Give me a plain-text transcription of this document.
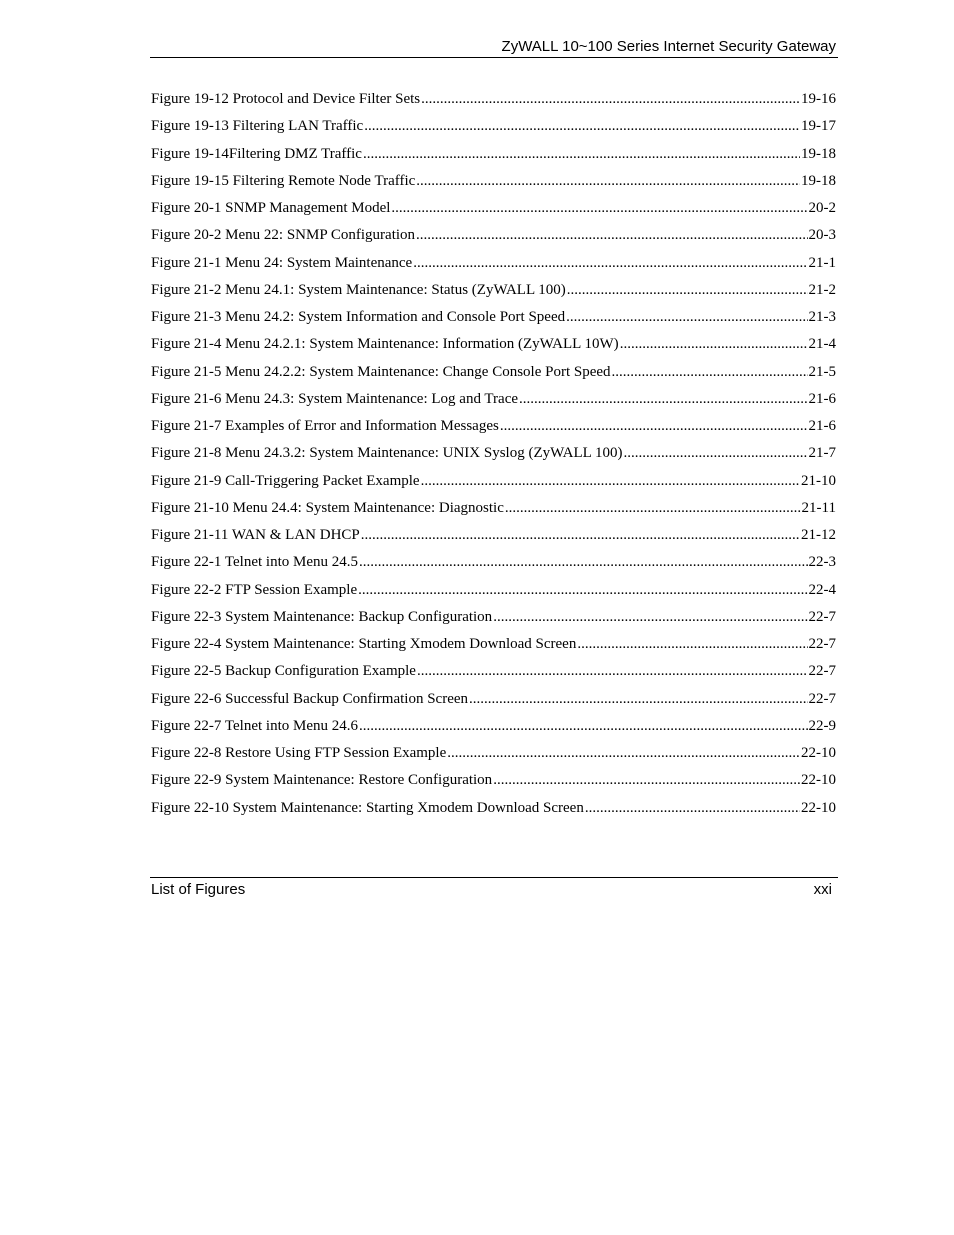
ZyWALL 10~100 Series Internet Security Gateway
Figure 19-12 Protocol and Device Filter Sets .....	19-16
Figure 19-13 Filtering LAN Traffic .....	19-17
Figure 19-14Filtering DMZ Traffic .....	19-18
Figure 19-15 Filtering Remote Node Traffic .....	19-18
Figure 20-1 SNMP Management Model .....	20-2
Figure 20-2 Menu 22: SNMP Configuration .....	20-3
Figure 21-1 Menu 24: System Maintenance .....	21-1
Figure 21-2 Menu 24.1: System Maintenance: Status (ZyWALL 100) .....	21-2
Figure 21-3 Menu 24.2: System Information and Console Port Speed .....	21-3
Figure 21-4 Menu 24.2.1: System Maintenance: Information (ZyWALL 10W) .....	21-4
Figure 21-5 Menu 24.2.2: System Maintenance: Change Console Port Speed .....	21-5
Figure 21-6 Menu 24.3: System Maintenance: Log and Trace .....	21-6
Figure 21-7 Examples of Error and Information Messages .....	21-6
Figure 21-8 Menu 24.3.2: System Maintenance: UNIX Syslog (ZyWALL 100) .....	21-7
Figure 21-9 Call-Triggering Packet Example .....	21-10
Figure 21-10 Menu 24.4: System Maintenance: Diagnostic .....	21-11
Figure 21-11 WAN & LAN DHCP .....	21-12
Figure 22-1 Telnet into Menu 24.5 .....	22-3
Figure 22-2 FTP Session Example .....	22-4
Figure 22-3 System Maintenance: Backup Configuration .....	22-7
Figure 22-4 System Maintenance: Starting Xmodem Download Screen .....	22-7
Figure 22-5 Backup Configuration Example .....	22-7
Figure 22-6 Successful Backup Confirmation Screen .....	22-7
Figure 22-7 Telnet into Menu 24.6 .....	22-9
Figure 22-8 Restore Using FTP Session Example .....	22-10
Figure 22-9 System Maintenance: Restore Configuration .....	22-10
Figure 22-10 System Maintenance: Starting Xmodem Download Screen .....	22-10
List of Figures	xxi
